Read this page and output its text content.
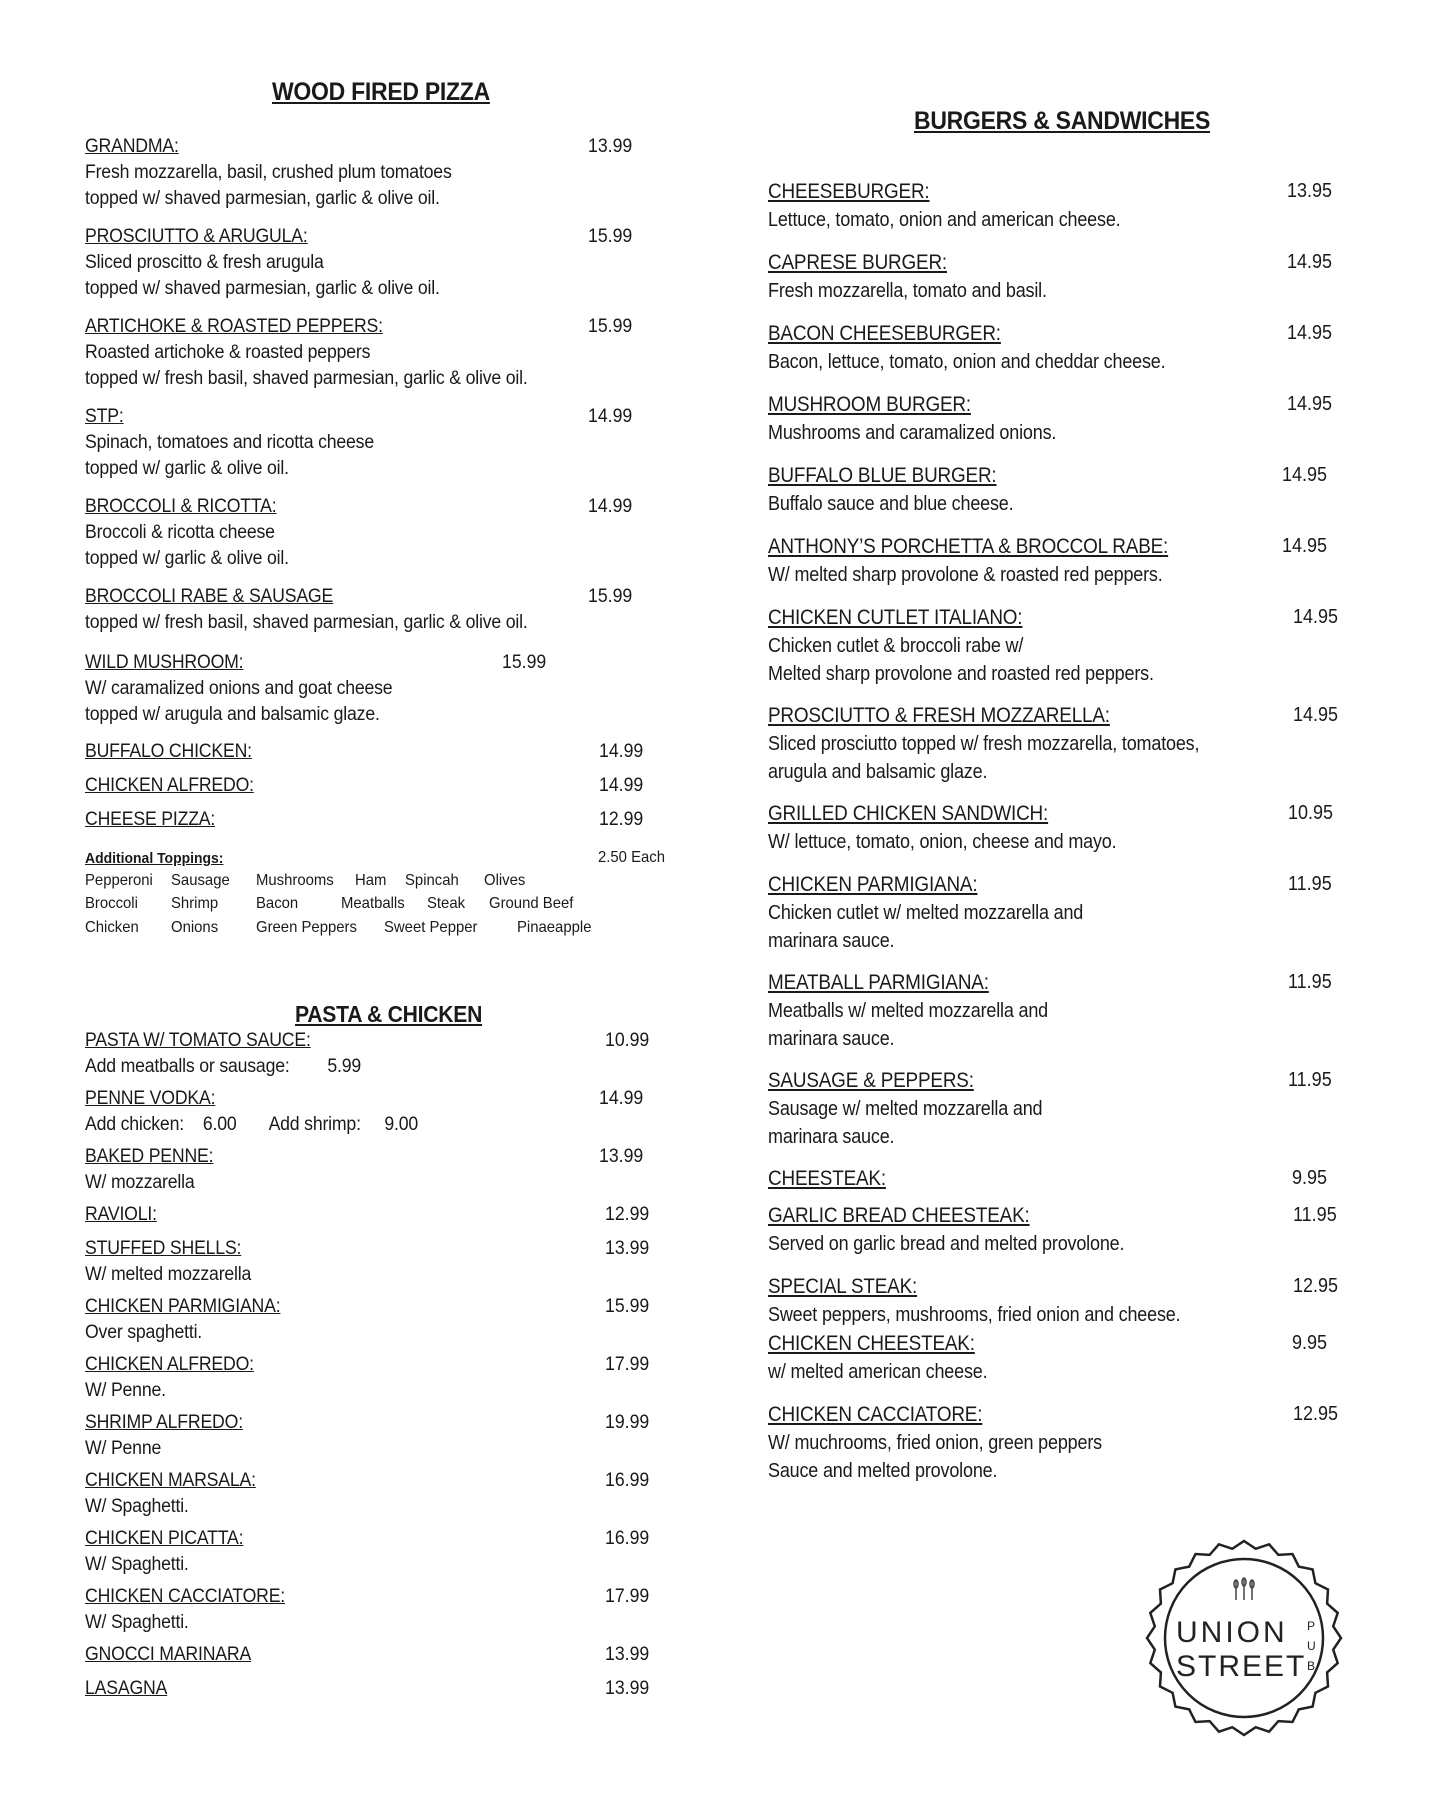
WOOD FIRED PIZZA
GRANDMA:	13.99
Fresh mozzarella, basil, crushed plum tomatoes
topped w/ shaved parmesian, garlic & olive oil.
PROSCIUTTO & ARUGULA:	15.99
Sliced proscitto & fresh arugula
topped w/ shaved parmesian, garlic & olive oil.
ARTICHOKE & ROASTED PEPPERS:	15.99
Roasted artichoke & roasted peppers
topped w/ fresh basil, shaved parmesian, garlic & olive oil.
STP:	14.99
Spinach, tomatoes and ricotta cheese
topped w/ garlic & olive oil.
BROCCOLI & RICOTTA:	14.99
Broccoli & ricotta cheese
topped w/ garlic & olive oil.
BROCCOLI RABE & SAUSAGE	15.99
topped w/ fresh basil, shaved parmesian, garlic & olive oil.
WILD MUSHROOM:	15.99
W/ caramalized onions and goat cheese
topped w/ arugula and balsamic glaze.
BUFFALO CHICKEN:	14.99
CHICKEN ALFREDO:	14.99
CHEESE PIZZA:	12.99
Additional Toppings:	2.50 Each
Pepperoni Sausage Mushrooms Ham Spincah Olives
Broccoli Shrimp Bacon	Meatballs Steak Ground Beef
Chicken Onions Green Peppers Sweet Pepper Pinaeapple
PASTA & CHICKEN
PASTA W/ TOMATO SAUCE:	10.99
Add meatballs or sausage:        5.99
PENNE VODKA:	14.99
Add chicken:    6.00       Add shrimp:     9.00
BAKED PENNE:	13.99
W/ mozzarella
RAVIOLI:	12.99
STUFFED SHELLS:	13.99
W/ melted mozzarella
CHICKEN PARMIGIANA:	15.99
Over spaghetti.
CHICKEN ALFREDO:	17.99
W/ Penne.
SHRIMP ALFREDO:	19.99
W/ Penne
CHICKEN MARSALA:	16.99
W/ Spaghetti.
CHICKEN PICATTA:	16.99
W/ Spaghetti.
CHICKEN CACCIATORE:	17.99
W/ Spaghetti.
GNOCCI MARINARA	13.99
LASAGNA	13.99
BURGERS & SANDWICHES
CHEESEBURGER:	13.95
Lettuce, tomato, onion and american cheese.
CAPRESE BURGER:	14.95
Fresh mozzarella, tomato and basil.
BACON CHEESEBURGER:	14.95
Bacon, lettuce, tomato, onion and cheddar cheese.
MUSHROOM BURGER:	14.95
Mushrooms and caramalized onions.
BUFFALO BLUE BURGER:	14.95
Buffalo sauce and blue cheese.
ANTHONY’S PORCHETTA & BROCCOL RABE:	14.95
W/ melted sharp provolone & roasted red peppers.
CHICKEN CUTLET ITALIANO:	14.95
Chicken cutlet & broccoli rabe w/
Melted sharp provolone and roasted red peppers.
PROSCIUTTO & FRESH MOZZARELLA:	14.95
Sliced prosciutto topped w/ fresh mozzarella, tomatoes,
arugula and balsamic glaze.
GRILLED CHICKEN SANDWICH:	10.95
W/ lettuce, tomato, onion, cheese and mayo.
CHICKEN PARMIGIANA:	11.95
Chicken cutlet w/ melted mozzarella and
marinara sauce.
MEATBALL PARMIGIANA:	11.95
Meatballs w/ melted mozzarella and
marinara sauce.
SAUSAGE & PEPPERS:	11.95
Sausage w/ melted mozzarella and
marinara sauce.
CHEESTEAK:	9.95
GARLIC BREAD CHEESTEAK:	11.95
Served on garlic bread and melted provolone.
SPECIAL STEAK:	12.95
Sweet peppers, mushrooms, fried onion and cheese.
CHICKEN CHEESTEAK:	9.95
w/ melted american cheese.
CHICKEN CACCIATORE:	12.95
W/ muchrooms, fried onion, green peppers
Sauce and melted provolone.
UNION
STREET
P
U
B
